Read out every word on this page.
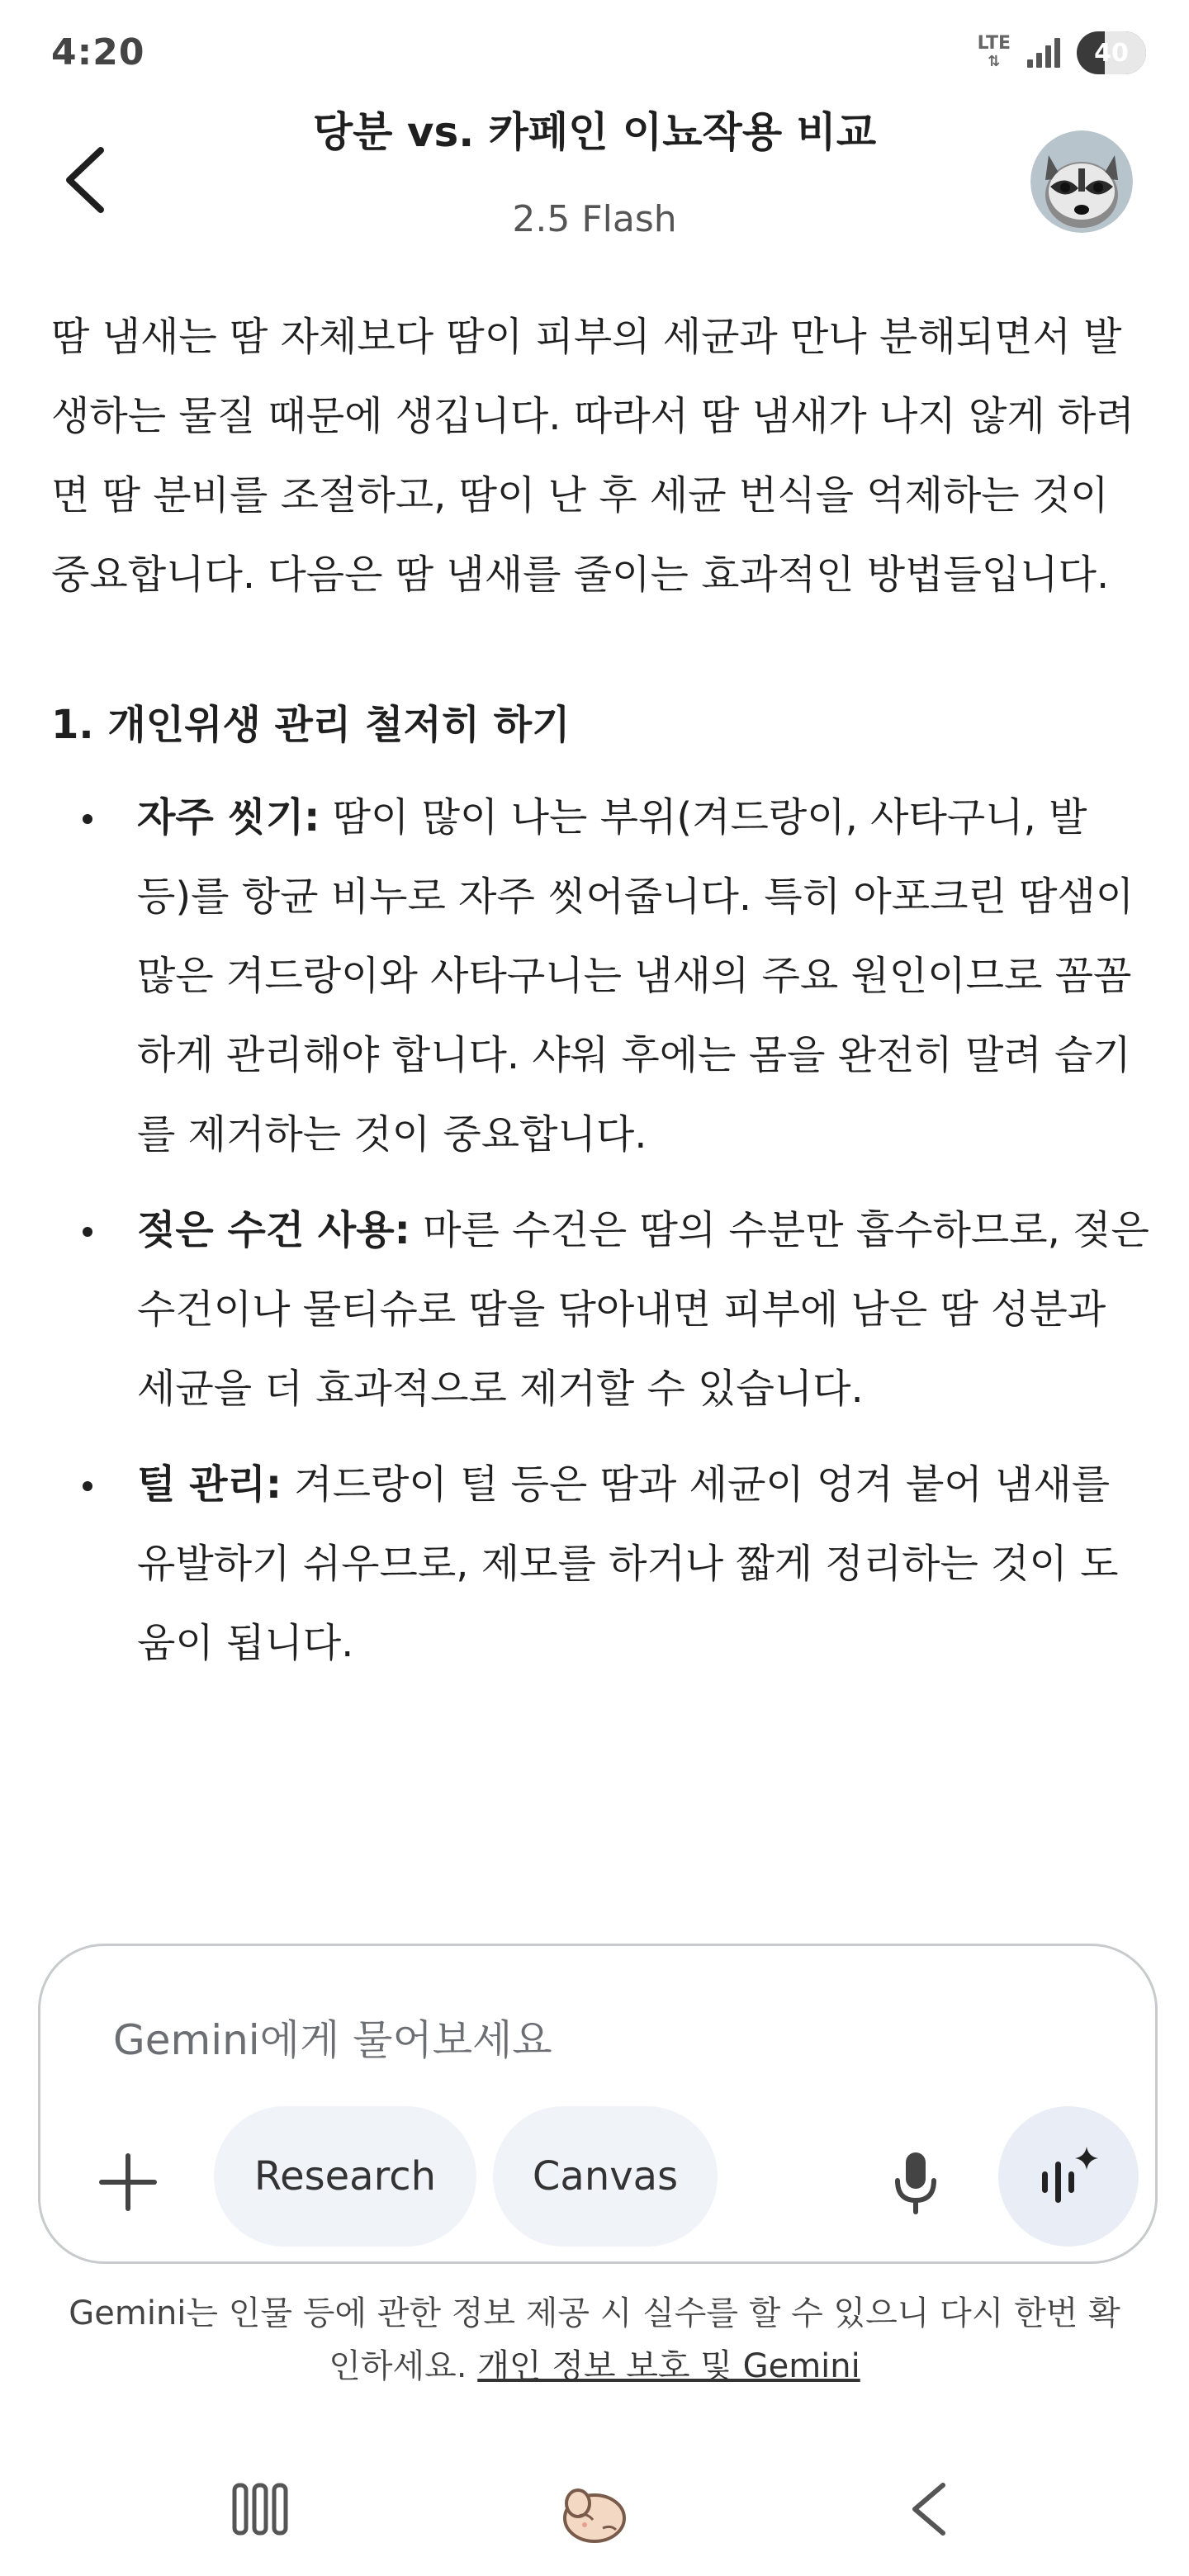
4:20	LTE
⇅	40
당분 vs. 카페인 이뇨작용 비교
2.5 Flash

땀 냄새는 땀 자체보다 땀이 피부의 세균과 만나 분해되면서 발생하는 물질 때문에 생깁니다. 따라서 땀 냄새가 나지 않게 하려면 땀 분비를 조절하고, 땀이 난 후 세균 번식을 억제하는 것이 중요합니다. 다음은 땀 냄새를 줄이는 효과적인 방법들입니다.

1. 개인위생 관리 철저히 하기
자주 씻기: 땀이 많이 나는 부위(겨드랑이, 사타구니, 발 등)를 항균 비누로 자주 씻어줍니다. 특히 아포크린 땀샘이 많은 겨드랑이와 사타구니는 냄새의 주요 원인이므로 꼼꼼하게 관리해야 합니다. 샤워 후에는 몸을 완전히 말려 습기를 제거하는 것이 중요합니다.
젖은 수건 사용: 마른 수건은 땀의 수분만 흡수하므로, 젖은 수건이나 물티슈로 땀을 닦아내면 피부에 남은 땀 성분과 세균을 더 효과적으로 제거할 수 있습니다.
털 관리: 겨드랑이 털 등은 땀과 세균이 엉겨 붙어 냄새를 유발하기 쉬우므로, 제모를 하거나 짧게 정리하는 것이 도움이 됩니다.
Gemini에게 물어보세요
Research	Canvas
Gemini는 인물 등에 관한 정보 제공 시 실수를 할 수 있으니 다시 한번 확인하세요. 개인 정보 보호 및 Gemini
